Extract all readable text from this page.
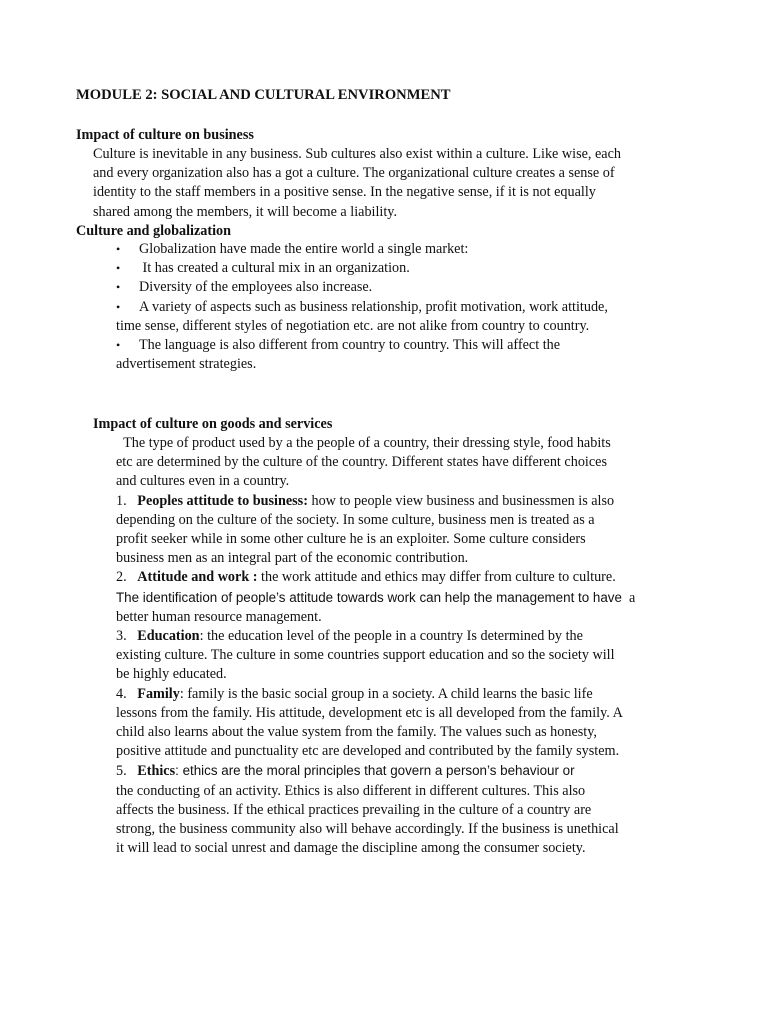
MODULE 2: SOCIAL AND CULTURAL ENVIRONMENT
Impact of culture on business
Culture is inevitable in any business. Sub cultures also exist within a culture. Like wise, each
and every organization also has a got a culture. The organizational culture creates a sense of
identity to the staff members in a positive sense. In the negative sense, if it is not equally
shared among the members, it will become a liability.
Culture and globalization
• Globalization have made the entire world a single market:
• It has created a cultural mix in an organization.
• Diversity of the employees also increase.
• A variety of aspects such as business relationship, profit motivation, work attitude,
time sense, different styles of negotiation etc. are not alike from country to country.
• The language is also different from country to country. This will affect the
advertisement strategies.
Impact of culture on goods and services
The type of product used by a the people of a country, their dressing style, food habits
etc are determined by the culture of the country. Different states have different choices
and cultures even in a country.
1. Peoples attitude to business: how to people view business and businessmen is also
depending on the culture of the society. In some culture, business men is treated as a
profit seeker while in some other culture he is an exploiter. Some culture considers
business men as an integral part of the economic contribution.
2. Attitude and work : the work attitude and ethics may differ from culture to culture.
The identification of people’s attitude towards work can help the management to have  a
better human resource management.
3. Education: the education level of the people in a country Is determined by the
existing culture. The culture in some countries support education and so the society will
be highly educated.
4. Family: family is the basic social group in a society. A child learns the basic life
lessons from the family. His attitude, development etc is all developed from the family. A
child also learns about the value system from the family. The values such as honesty,
positive attitude and punctuality etc are developed and contributed by the family system.
5. Ethics: ethics are the moral principles that govern a person’s behaviour or
the conducting of an activity. Ethics is also different in different cultures. This also
affects the business. If the ethical practices prevailing in the culture of a country are
strong, the business community also will behave accordingly. If the business is unethical
it will lead to social unrest and damage the discipline among the consumer society.
